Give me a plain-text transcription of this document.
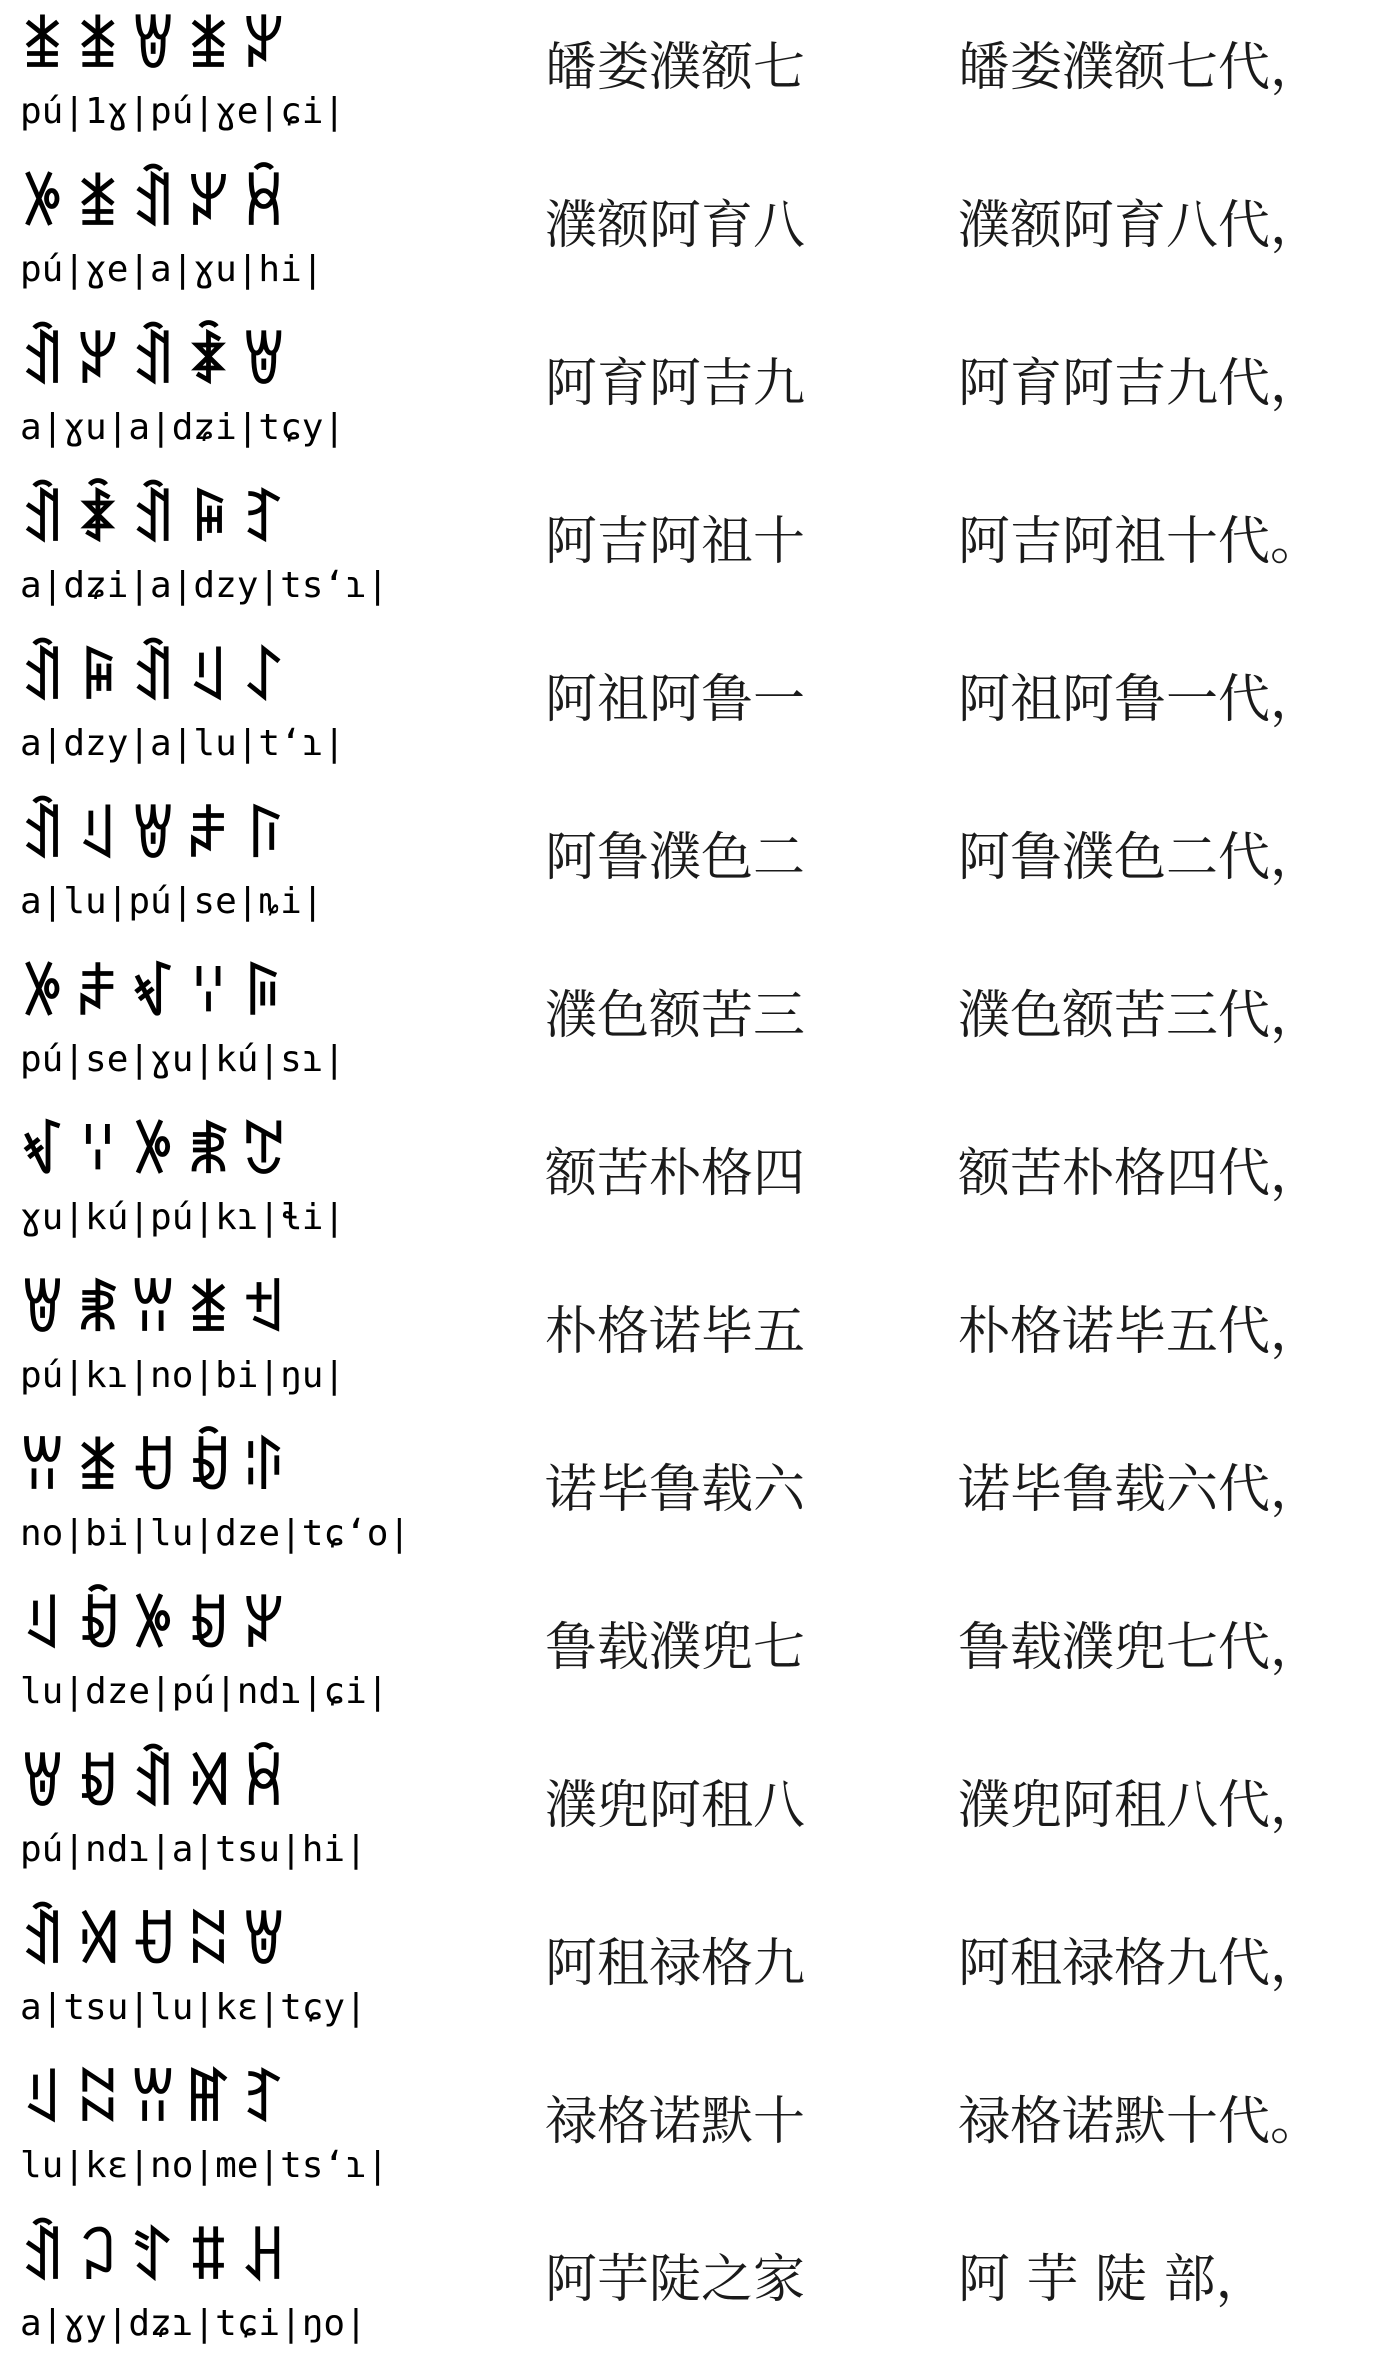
ꁧꁧꇐꁧꏃ
pú|1ɣ|pú|ɣe|ɕi|
皤娄濮额七	皤娄濮额七代，
ꉼꁧꀉꏃꃫ
pú|ɣe|a|ɣu|hi|
濮额阿育八	濮额阿育八代，
ꀉꏃꀉꄑꇐ
a|ɣu|a|dʑi|tɕy|
阿育阿吉九	阿育阿吉九代，
ꀉꄑꀉꋦꆈ
a|dʑi|a|dzy|tsʻɿ|
阿吉阿祖十	阿吉阿祖十代。
ꀉꋦꀉꆹꋍ
a|dzy|a|lu|tʻɿ|
阿祖阿鲁一	阿祖阿鲁一代，
ꀉꆹꇐꌧꑍ
a|lu|pú|se|ȵi|
阿鲁濮色二	阿鲁濮色二代，
ꉼꌧꃴꈌꌕ
pú|se|ɣu|kú|sɿ|
濮色额苦三	濮色额苦三代，
ꃴꈌꉼꊆꇖ
ɣu|kú|pú|kɿ|ɬi|
额苦朴格四	额苦朴格四代，
ꇐꊆꀕꁧꉬ
pú|kɿ|no|bi|ŋu|
朴格诺毕五	朴格诺毕五代，
ꀕꁧꀀꀁꃘ
no|bi|lu|dze|tɕʻo|
诺毕鲁载六	诺毕鲁载六代，
ꆹꀁꉼꀂꏃ
lu|dze|pú|ndɿ|ɕi|
鲁载濮兜七	鲁载濮兜七代，
ꇐꀂꀉꄉꃫ
pú|ndɿ|a|tsu|hi|
濮兜阿租八	濮兜阿租八代，
ꀉꄉꀀꉆꇐ
a|tsu|lu|kɛ|tɕy|
阿租禄格九	阿租禄格九代，
ꆹꉆꀕꂵꆈ
lu|kɛ|no|me|tsʻɿ|
禄格诺默十	禄格诺默十代。
ꀉꃀꄸꐚꃅ
a|ɣy|dʑɿ|tɕi|ŋo|
阿芋陡之家	阿 芋 陡 部，
